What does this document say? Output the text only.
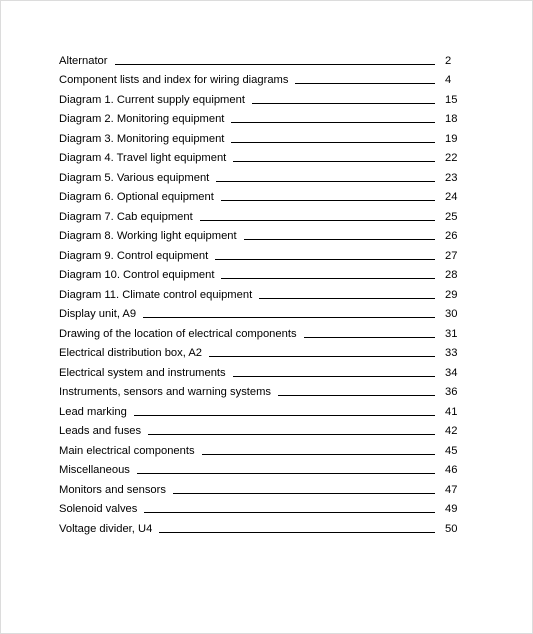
Alternator	2
Component lists and index for wiring diagrams	4
Diagram 1. Current supply equipment	15
Diagram 2. Monitoring equipment	18
Diagram 3. Monitoring equipment	19
Diagram 4. Travel light equipment	22
Diagram 5. Various equipment	23
Diagram 6. Optional equipment	24
Diagram 7. Cab equipment	25
Diagram 8. Working light equipment	26
Diagram 9. Control equipment	27
Diagram 10. Control equipment	28
Diagram 11. Climate control equipment	29
Display unit, A9	30
Drawing of the location of electrical components	31
Electrical distribution box, A2	33
Electrical system and instruments	34
Instruments, sensors and warning systems	36
Lead marking	41
Leads and fuses	42
Main electrical components	45
Miscellaneous	46
Monitors and sensors	47
Solenoid valves	49
Voltage divider, U4	50
